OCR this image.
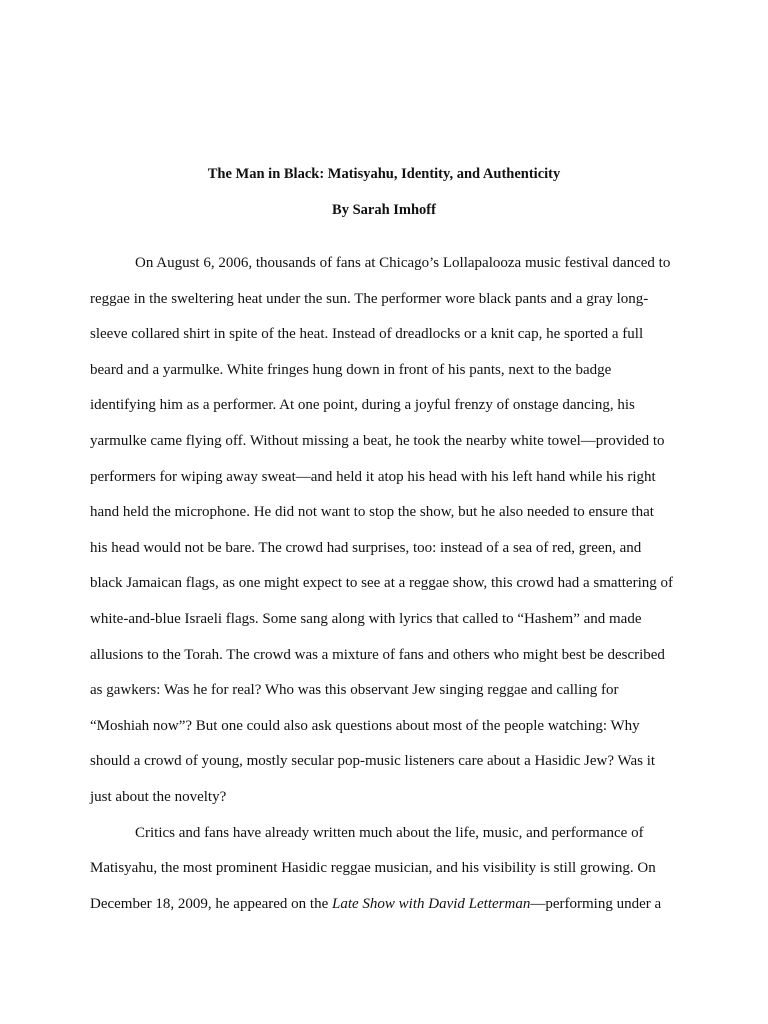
The Man in Black: Matisyahu, Identity, and Authenticity
By Sarah Imhoff
On August 6, 2006, thousands of fans at Chicago’s Lollapalooza music festival danced to
reggae in the sweltering heat under the sun. The performer wore black pants and a gray long-
sleeve collared shirt in spite of the heat. Instead of dreadlocks or a knit cap, he sported a full
beard and a yarmulke. White fringes hung down in front of his pants, next to the badge
identifying him as a performer. At one point, during a joyful frenzy of onstage dancing, his
yarmulke came flying off. Without missing a beat, he took the nearby white towel—provided to
performers for wiping away sweat—and held it atop his head with his left hand while his right
hand held the microphone. He did not want to stop the show, but he also needed to ensure that
his head would not be bare. The crowd had surprises, too: instead of a sea of red, green, and
black Jamaican flags, as one might expect to see at a reggae show, this crowd had a smattering of
white-and-blue Israeli flags. Some sang along with lyrics that called to “Hashem” and made
allusions to the Torah. The crowd was a mixture of fans and others who might best be described
as gawkers: Was he for real? Who was this observant Jew singing reggae and calling for
“Moshiah now”? But one could also ask questions about most of the people watching: Why
should a crowd of young, mostly secular pop-music listeners care about a Hasidic Jew? Was it
just about the novelty?
Critics and fans have already written much about the life, music, and performance of
Matisyahu, the most prominent Hasidic reggae musician, and his visibility is still growing. On
December 18, 2009, he appeared on the Late Show with David Letterman—performing under a
